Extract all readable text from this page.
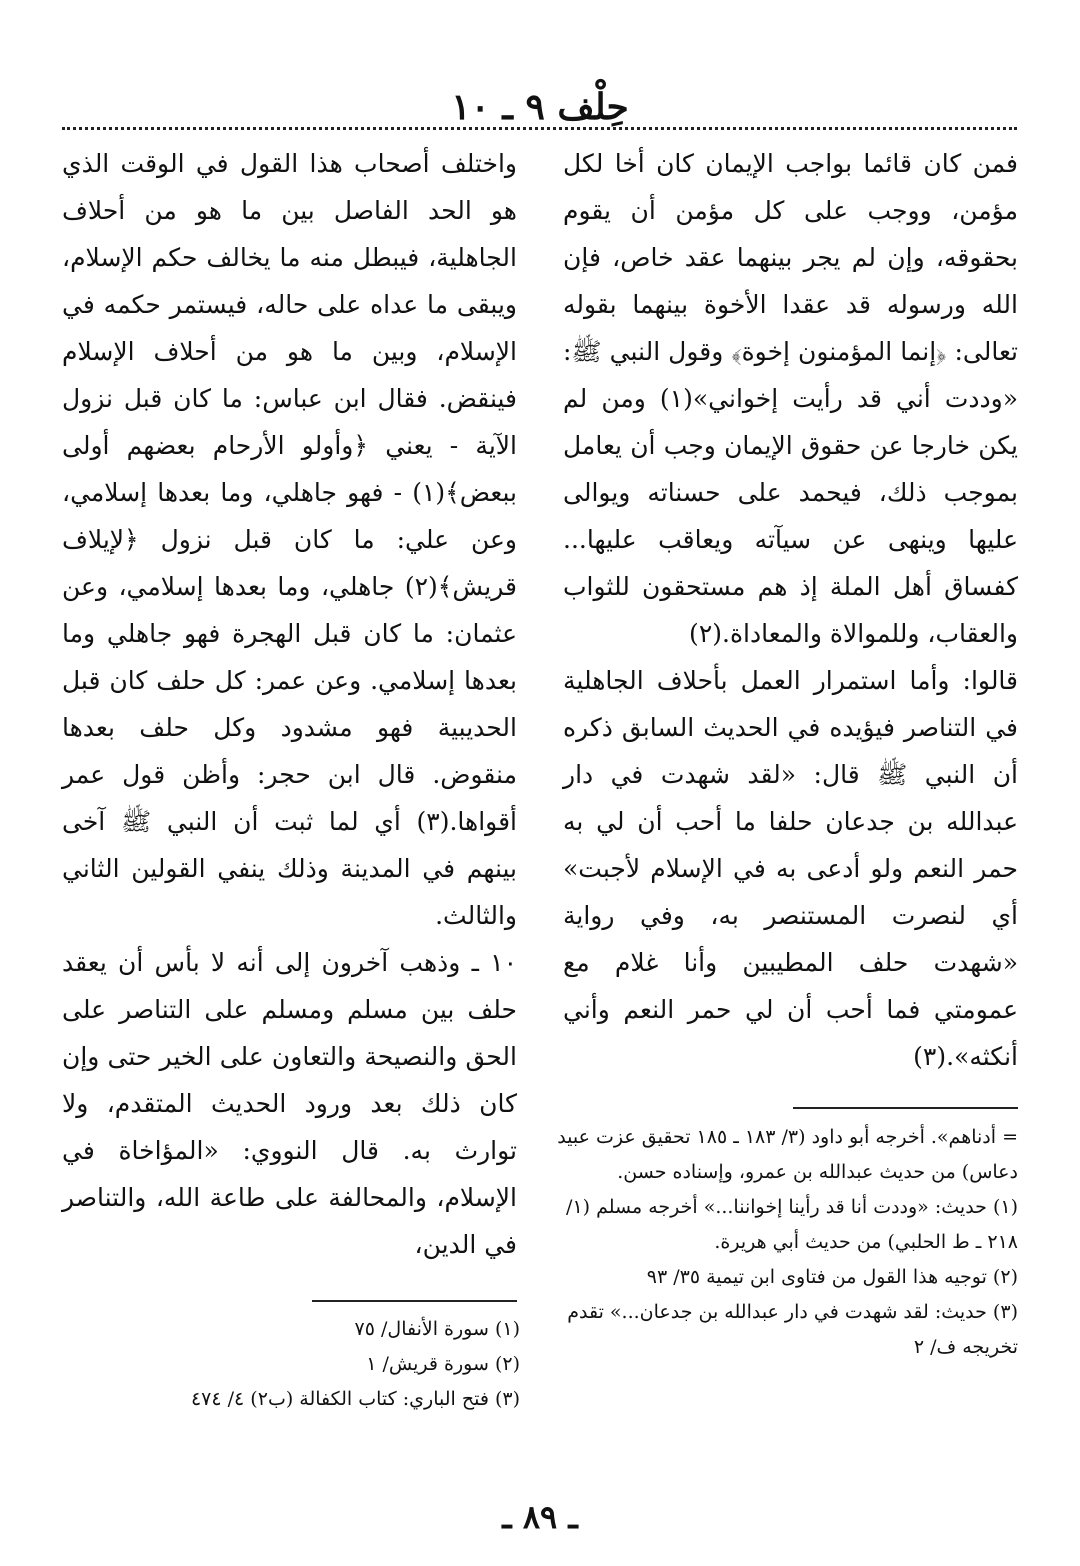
حِلْف ٩ ـ ١٠

فمن كان قائما بواجب الإيمان كان أخا لكل مؤمن، ووجب على كل مؤمن أن يقوم بحقوقه، وإن لم يجر بينهما عقد خاص، فإن الله ورسوله قد عقدا الأخوة بينهما بقوله تعالى: ﴿إنما المؤمنون إخوة﴾ وقول النبي ﷺ: «وددت أني قد رأيت إخواني»(١) ومن لم يكن خارجا عن حقوق الإيمان وجب أن يعامل بموجب ذلك، فيحمد على حسناته ويوالى عليها وينهى عن سيآته ويعاقب عليها... كفساق أهل الملة إذ هم مستحقون للثواب والعقاب، وللموالاة والمعاداة.(٢)

قالوا: وأما استمرار العمل بأحلاف الجاهلية في التناصر فيؤيده في الحديث السابق ذكره أن النبي ﷺ قال: «لقد شهدت في دار عبدالله بن جدعان حلفا ما أحب أن لي به حمر النعم ولو أدعى به في الإسلام لأجبت» أي لنصرت المستنصر به، وفي رواية «شهدت حلف المطيبين وأنا غلام مع عمومتي فما أحب أن لي حمر النعم وأني أنكثه».(٣)

واختلف أصحاب هذا القول في الوقت الذي هو الحد الفاصل بين ما هو من أحلاف الجاهلية، فيبطل منه ما يخالف حكم الإسلام، ويبقى ما عداه على حاله، فيستمر حكمه في الإسلام، وبين ما هو من أحلاف الإسلام فينقض. فقال ابن عباس: ما كان قبل نزول الآية - يعني ﴿وأولو الأرحام بعضهم أولى ببعض﴾(١) - فهو جاهلي، وما بعدها إسلامي، وعن علي: ما كان قبل نزول ﴿لإيلاف قريش﴾(٢) جاهلي، وما بعدها إسلامي، وعن عثمان: ما كان قبل الهجرة فهو جاهلي وما بعدها إسلامي. وعن عمر: كل حلف كان قبل الحديبية فهو مشدود وكل حلف بعدها منقوض. قال ابن حجر: وأظن قول عمر أقواها.(٣) أي لما ثبت أن النبي ﷺ آخى بينهم في المدينة وذلك ينفي القولين الثاني والثالث.

١٠ ـ وذهب آخرون إلى أنه لا بأس أن يعقد حلف بين مسلم ومسلم على التناصر على الحق والنصيحة والتعاون على الخير حتى وإن كان ذلك بعد ورود الحديث المتقدم، ولا توارث به. قال النووي: «المؤاخاة في الإسلام، والمحالفة على طاعة الله، والتناصر في الدين،

= أدناهم». أخرجه أبو داود (٣/ ١٨٣ ـ ١٨٥ تحقيق عزت عبيد دعاس) من حديث عبدالله بن عمرو، وإسناده حسن.
(١) حديث: «وددت أنا قد رأينا إخواننا...» أخرجه مسلم (١/ ٢١٨ ـ ط الحلبي) من حديث أبي هريرة.
(٢) توجيه هذا القول من فتاوى ابن تيمية ٣٥/ ٩٣
(٣) حديث: لقد شهدت في دار عبدالله بن جدعان...» تقدم تخريجه ف/ ٢
(١) سورة الأنفال/ ٧٥
(٢) سورة قريش/ ١
(٣) فتح الباري: كتاب الكفالة (ب٢) ٤/ ٤٧٤
ـ ٨٩ ـ
